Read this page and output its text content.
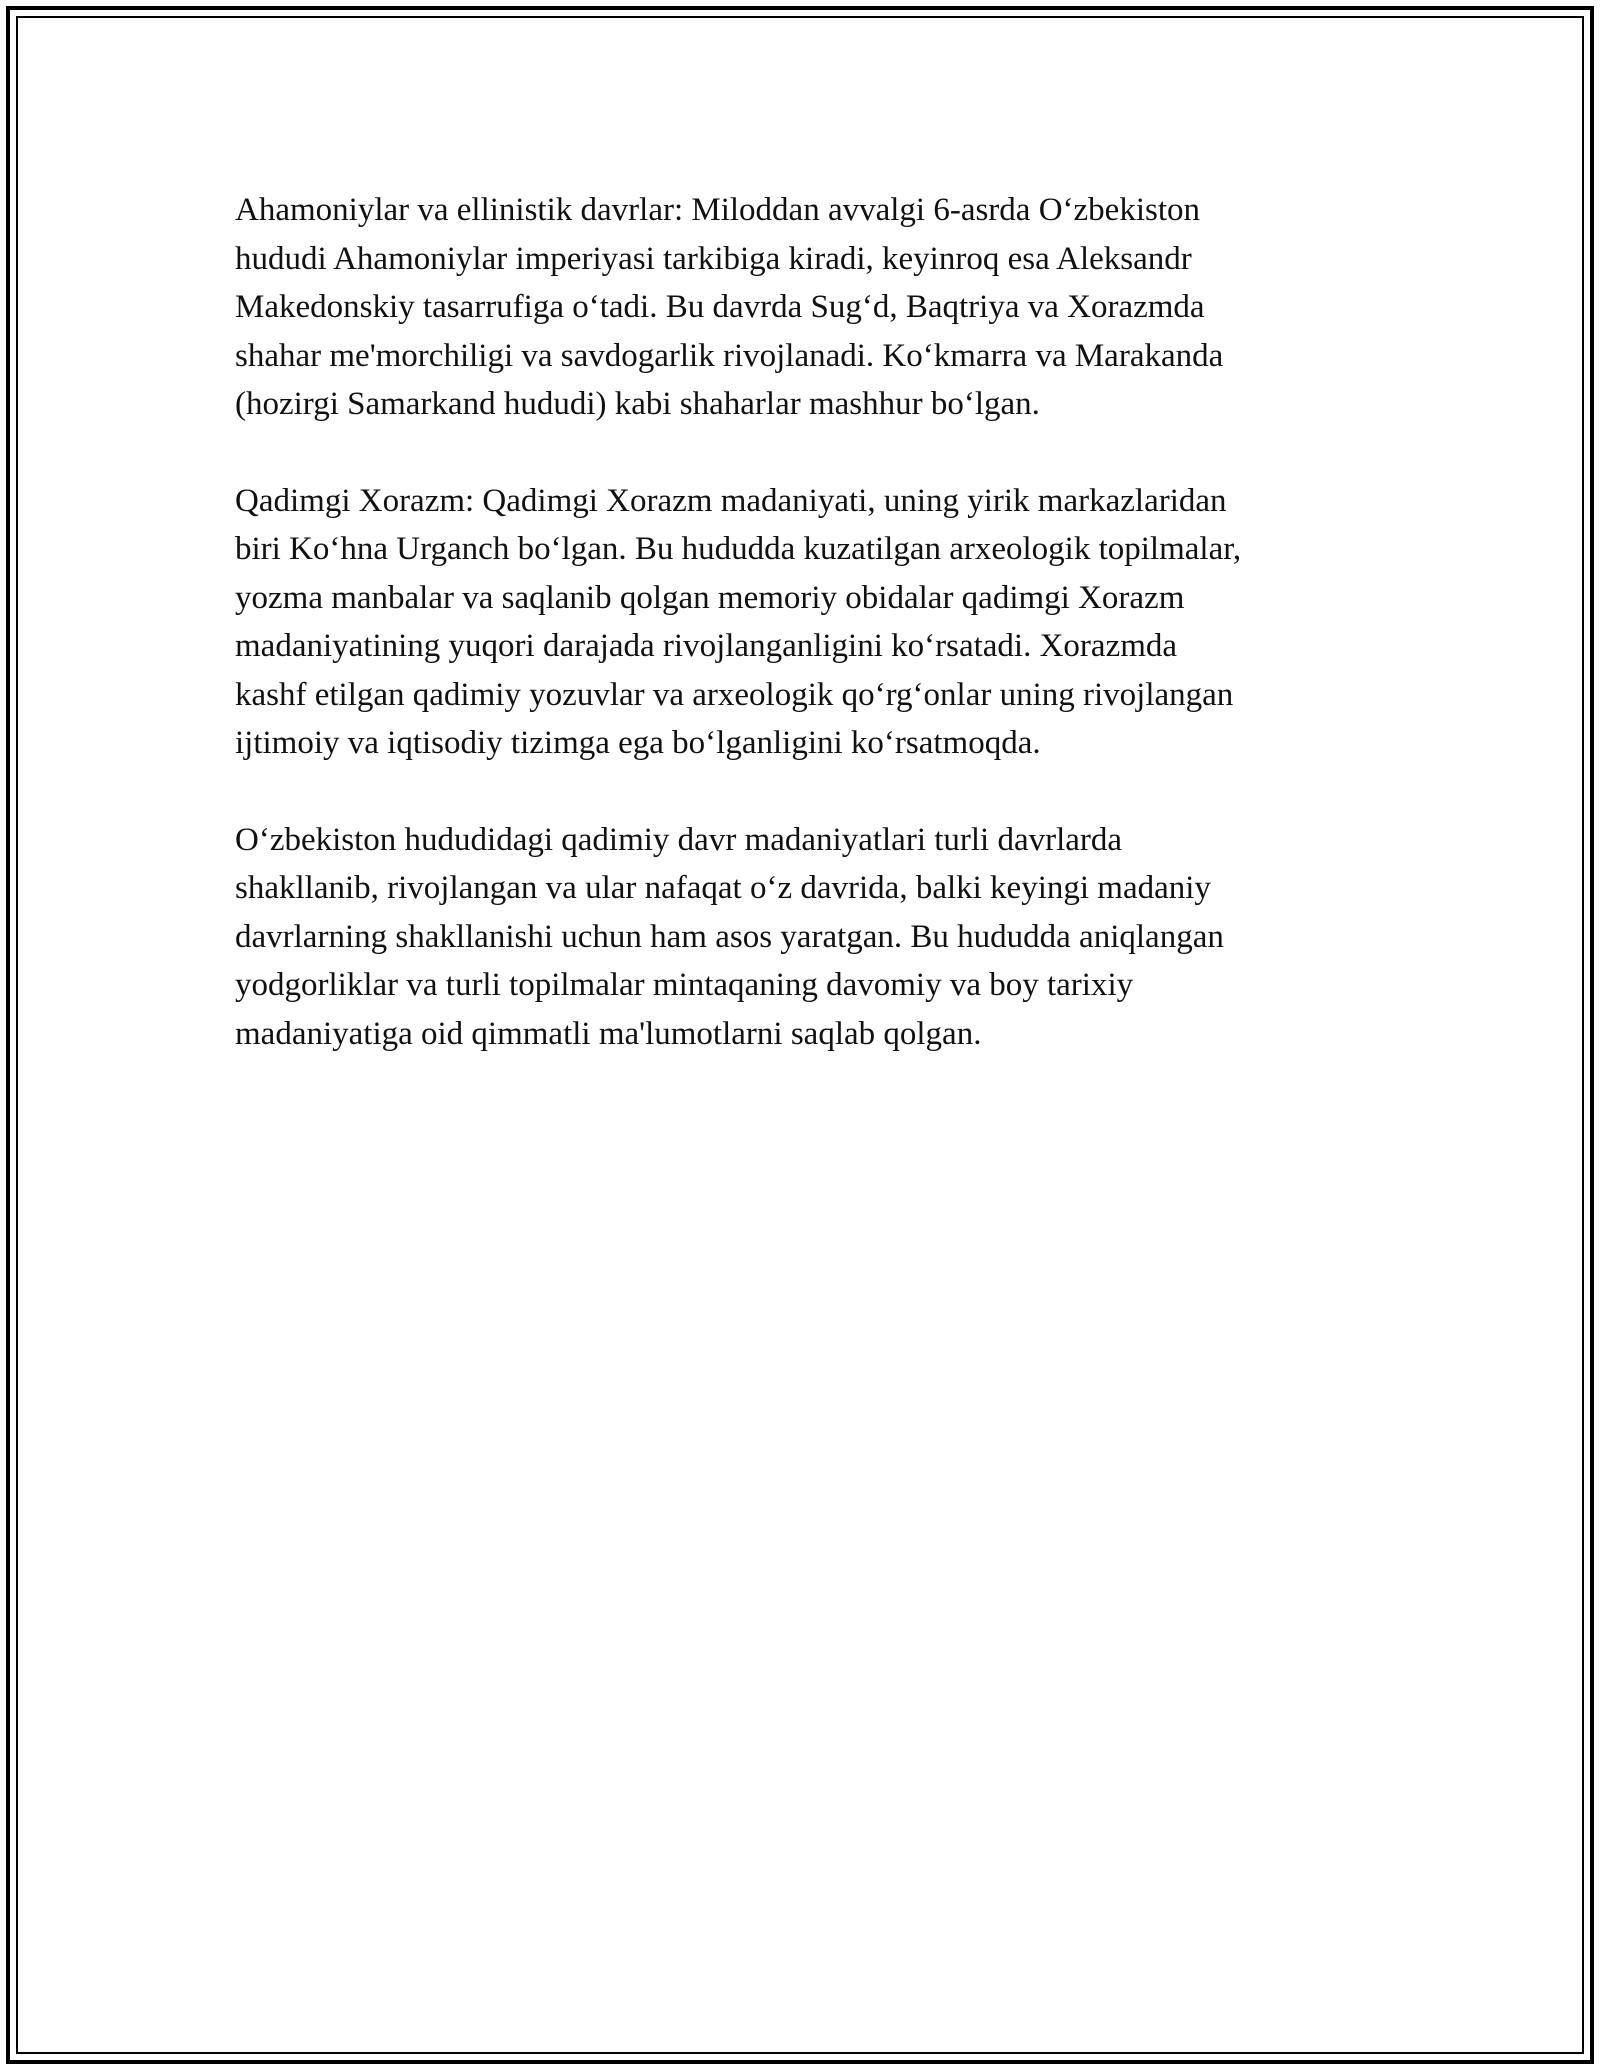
Ahamoniylar va ellinistik davrlar: Miloddan avvalgi 6-asrda Oʻzbekiston
hududi Ahamoniylar imperiyasi tarkibiga kiradi, keyinroq esa Aleksandr
Makedonskiy tasarrufiga oʻtadi. Bu davrda Sugʻd, Baqtriya va Xorazmda
shahar me'morchiligi va savdogarlik rivojlanadi. Koʻkmarra va Marakanda
(hozirgi Samarkand hududi) kabi shaharlar mashhur boʻlgan.

Qadimgi Xorazm: Qadimgi Xorazm madaniyati, uning yirik markazlaridan
biri Koʻhna Urganch boʻlgan. Bu hududda kuzatilgan arxeologik topilmalar,
yozma manbalar va saqlanib qolgan memoriy obidalar qadimgi Xorazm
madaniyatining yuqori darajada rivojlanganligini koʻrsatadi. Xorazmda
kashf etilgan qadimiy yozuvlar va arxeologik qoʻrgʻonlar uning rivojlangan
ijtimoiy va iqtisodiy tizimga ega boʻlganligini koʻrsatmoqda.

Oʻzbekiston hududidagi qadimiy davr madaniyatlari turli davrlarda
shakllanib, rivojlangan va ular nafaqat oʻz davrida, balki keyingi madaniy
davrlarning shakllanishi uchun ham asos yaratgan. Bu hududda aniqlangan
yodgorliklar va turli topilmalar mintaqaning davomiy va boy tarixiy
madaniyatiga oid qimmatli ma'lumotlarni saqlab qolgan.
